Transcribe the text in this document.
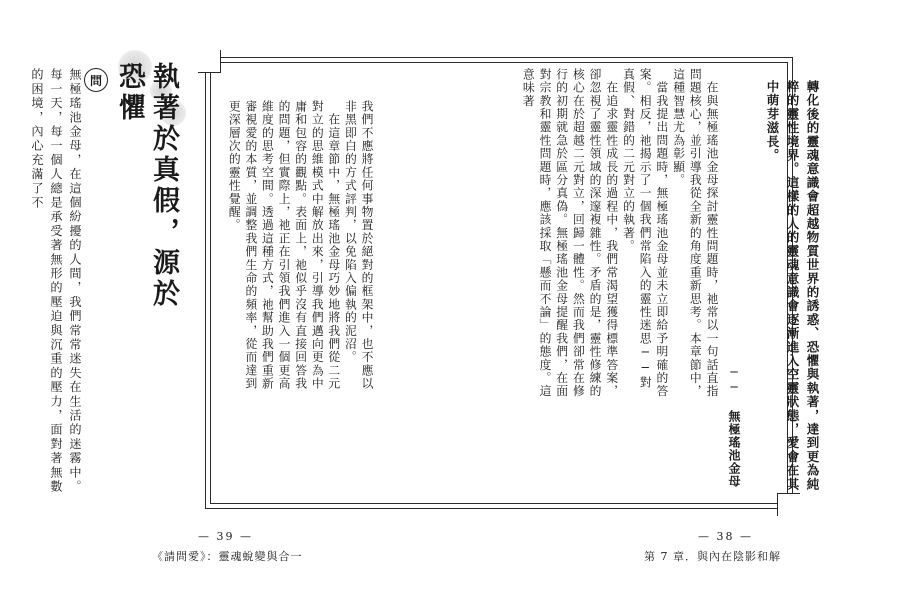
轉化後的靈魂意識會超越物質世界的誘惑、恐懼與執著，達到更為純粹的靈性境界。這樣的人的靈魂意識會逐漸進入空靈狀態，愛會在其中萌芽滋長。
── 無極瑤池金母
　在與無極瑤池金母探討靈性問題時，祂常以一句話直指問題核心，並引導我從全新的角度重新思考。本章節中，這種智慧尤為彰顯。
　當我提出問題時，無極瑤池金母並未立即給予明確的答案。相反，祂揭示了一個我們常陷入的靈性迷思──對真假、對錯的二元對立的執著。
　在追求靈性成長的過程中，我們常渴望獲得標準答案，卻忽視了靈性領域的深邃複雜性。矛盾的是，靈性修練的核心在於超越二元對立，回歸一體性。然而我們卻常在修行的初期就急於區分真偽。無極瑤池金母提醒我們，在面對宗教和靈性問題時，應該採取「懸而不論」的態度。這意味著
我們不應將任何事物置於絕對的框架中，也不應以非黑即白的方式評判，以免陷入偏執的泥沼。
　在這章節中，無極瑤池金母巧妙地將我們從二元對立的思維模式中解放出來，引導我們邁向更為中庸和包容的觀點。表面上，祂似乎沒有直接回答我的問題，但實際上，祂正在引領我們進入一個更高維度的思考空間。透過這種方式，祂幫助我們重新審視愛的本質，並調整我們生命的頻率，從而達到更深層次的靈性覺醒。
執著於真假，源於恐懼
問
無極瑤池金母，在這個紛擾的人間，我們常常迷失在生活的迷霧中。每一天，每一個人總是承受著無形的壓迫與沉重的壓力，面對著無數的困境，內心充滿了不
— 39 —
《請問愛》：靈魂蛻變與合一
— 38 —
第 7 章．與內在陰影和解
